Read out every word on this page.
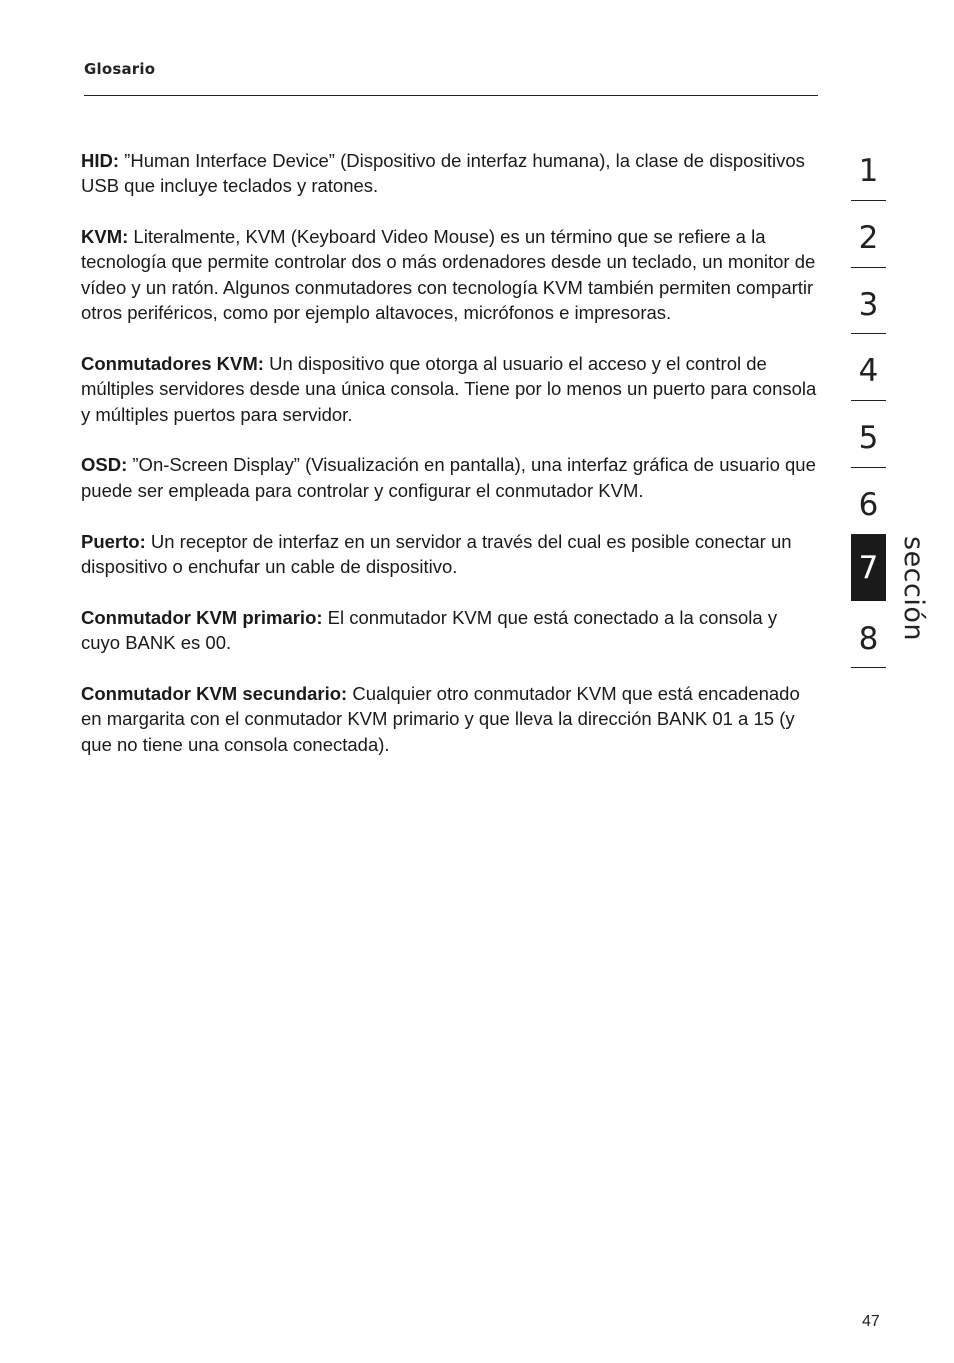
Glosario

HID: ”Human Interface Device” (Dispositivo de interfaz humana), la clase de dispositivos USB que incluye teclados y ratones.

KVM: Literalmente, KVM (Keyboard Video Mouse) es un término que se refiere a la tecnología que permite controlar dos o más ordenadores desde un teclado, un monitor de vídeo y un ratón. Algunos conmutadores con tecnología KVM también permiten compartir otros periféricos, como por ejemplo altavoces, micrófonos e impresoras.

Conmutadores KVM: Un dispositivo que otorga al usuario el acceso y el control de múltiples servidores desde una única consola. Tiene por lo menos un puerto para consola y múltiples puertos para servidor.

OSD: ”On-Screen Display” (Visualización en pantalla), una interfaz gráfica de usuario que puede ser empleada para controlar y configurar el conmutador KVM.

Puerto: Un receptor de interfaz en un servidor a través del cual es posible conectar un dispositivo o enchufar un cable de dispositivo.

Conmutador KVM primario: El conmutador KVM que está conectado a la consola y cuyo BANK es 00.

Conmutador KVM secundario: Cualquier otro conmutador KVM que está encadenado en margarita con el conmutador KVM primario y que lleva la dirección BANK 01 a 15 (y que no tiene una consola conectada).

1
2
3
4
5
6
7
8 sección
47
